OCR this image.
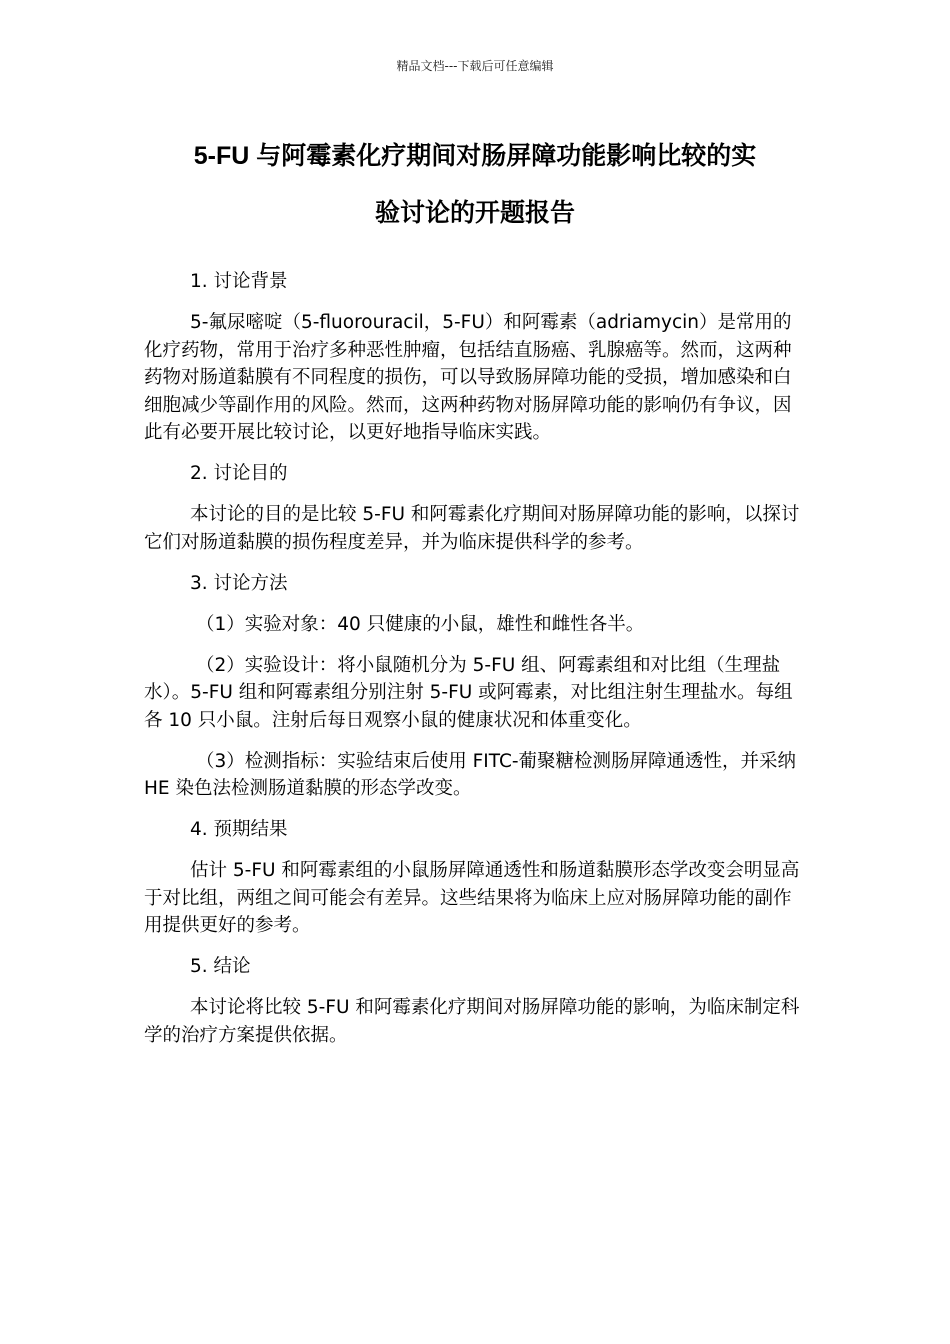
精品文档---下载后可任意编辑
5-FU 与阿霉素化疗期间对肠屏障功能影响比较的实
验讨论的开题报告
1. 讨论背景
5-氟尿嘧啶（5-fluorouracil，5-FU）和阿霉素（adriamycin）是常用的化疗药物，常用于治疗多种恶性肿瘤，包括结直肠癌、乳腺癌等。然而，这两种药物对肠道黏膜有不同程度的损伤，可以导致肠屏障功能的受损，增加感染和白细胞减少等副作用的风险。然而，这两种药物对肠屏障功能的影响仍有争议，因此有必要开展比较讨论，以更好地指导临床实践。
2. 讨论目的
本讨论的目的是比较 5-FU 和阿霉素化疗期间对肠屏障功能的影响，以探讨它们对肠道黏膜的损伤程度差异，并为临床提供科学的参考。
3. 讨论方法
（1）实验对象：40 只健康的小鼠，雄性和雌性各半。
（2）实验设计：将小鼠随机分为 5-FU 组、阿霉素组和对比组（生理盐水）。5-FU 组和阿霉素组分别注射 5-FU 或阿霉素，对比组注射生理盐水。每组各 10 只小鼠。注射后每日观察小鼠的健康状况和体重变化。
（3）检测指标：实验结束后使用 FITC-葡聚糖检测肠屏障通透性，并采纳 HE 染色法检测肠道黏膜的形态学改变。
4. 预期结果
估计 5-FU 和阿霉素组的小鼠肠屏障通透性和肠道黏膜形态学改变会明显高于对比组，两组之间可能会有差异。这些结果将为临床上应对肠屏障功能的副作用提供更好的参考。
5. 结论
本讨论将比较 5-FU 和阿霉素化疗期间对肠屏障功能的影响，为临床制定科学的治疗方案提供依据。
